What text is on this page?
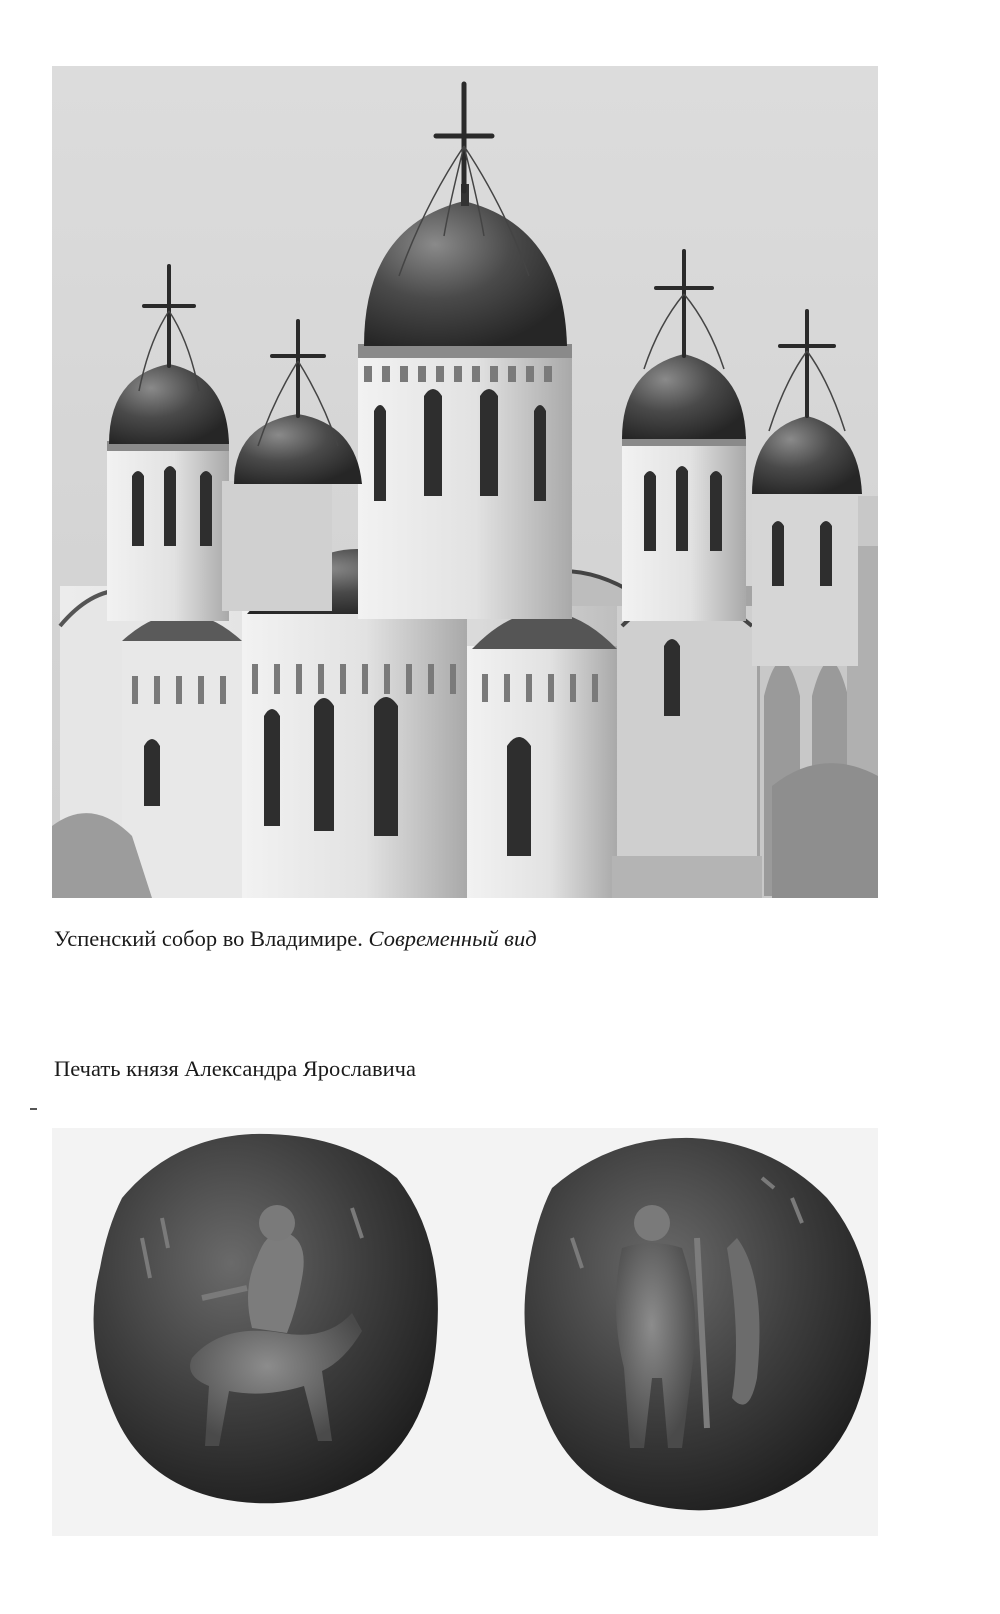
Успенский собор во Владимире. Современный вид
Печать князя Александра Ярославича
